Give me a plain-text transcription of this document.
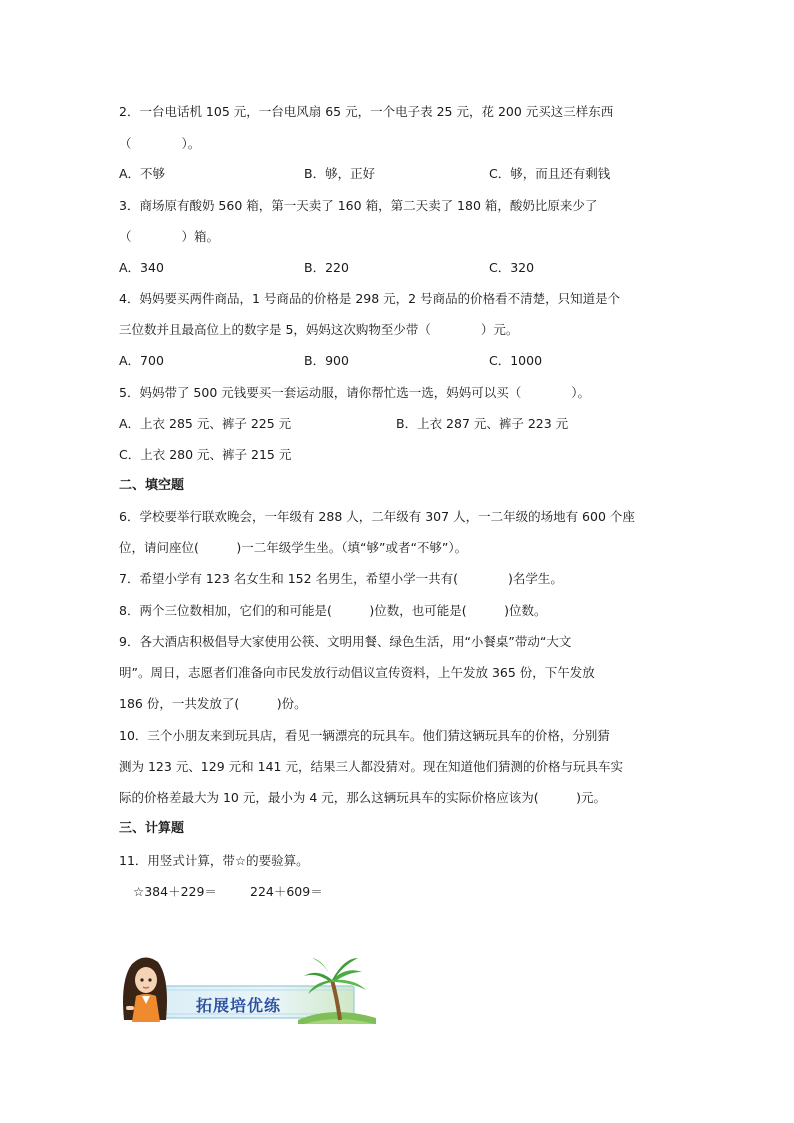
2．一台电话机 105 元，一台电风扇 65 元，一个电子表 25 元，花 200 元买这三样东西
（　　　　）。
A．不够	B．够，正好	C．够，而且还有剩钱
3．商场原有酸奶 560 箱，第一天卖了 160 箱，第二天卖了 180 箱，酸奶比原来少了
（　　　　）箱。
A．340	B．220	C．320
4．妈妈要买两件商品，1 号商品的价格是 298 元，2 号商品的价格看不清楚，只知道是个
三位数并且最高位上的数字是 5，妈妈这次购物至少带（　　　　）元。
A．700	B．900	C．1000
5．妈妈带了 500 元钱要买一套运动服，请你帮忙选一选，妈妈可以买（　　　　）。
A．上衣 285 元、裤子 225 元	B．上衣 287 元、裤子 223 元
C．上衣 280 元、裤子 215 元
二、填空题
6．学校要举行联欢晚会，一年级有 288 人，二年级有 307 人，一二年级的场地有 600 个座
位，请问座位(　　　)一二年级学生坐。（填“够”或者“不够”）。
7．希望小学有 123 名女生和 152 名男生，希望小学一共有(　　　　)名学生。
8．两个三位数相加，它们的和可能是(　　　)位数，也可能是(　　　)位数。
9．各大酒店积极倡导大家使用公筷、文明用餐、绿色生活，用“小餐桌”带动“大文
明”。周日，志愿者们准备向市民发放行动倡议宣传资料，上午发放 365 份，下午发放
186 份，一共发放了(　　　)份。
10．三个小朋友来到玩具店，看见一辆漂亮的玩具车。他们猜这辆玩具车的价格，分别猜
测为 123 元、129 元和 141 元，结果三人都没猜对。现在知道他们猜测的价格与玩具车实
际的价格差最大为 10 元，最小为 4 元，那么这辆玩具车的实际价格应该为(　　　)元。
三、计算题
11．用竖式计算，带☆的要验算。
☆384＋229＝	224＋609＝
拓展培优练
